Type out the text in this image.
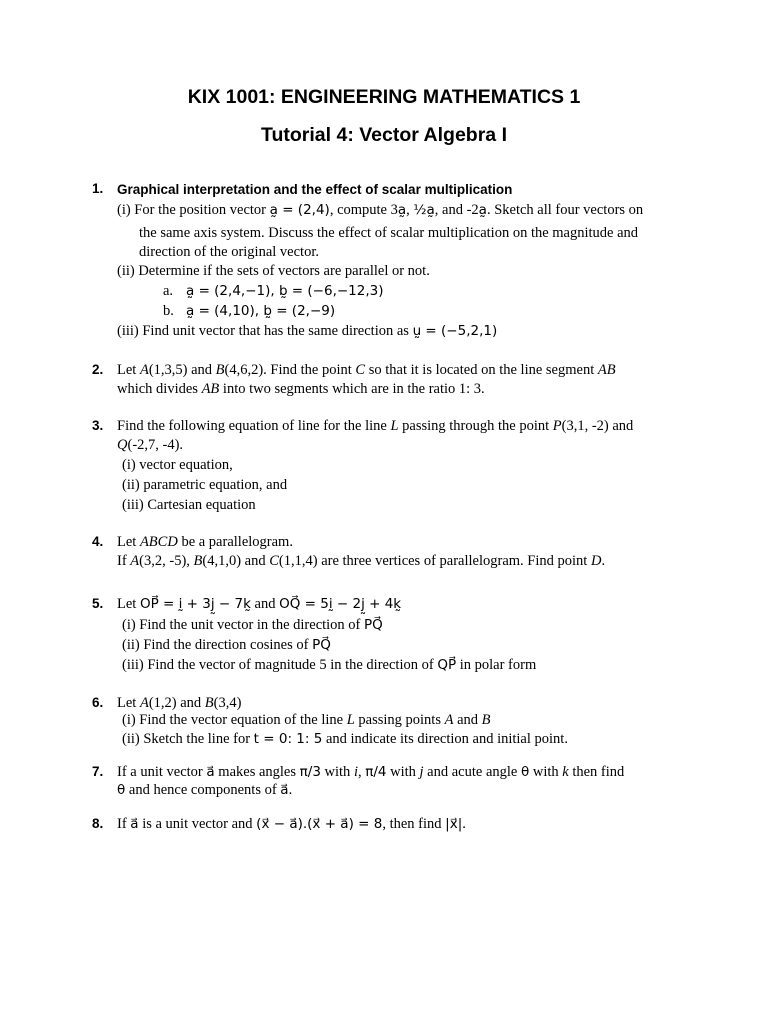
KIX 1001: ENGINEERING MATHEMATICS 1
Tutorial 4: Vector Algebra I
1. Graphical interpretation and the effect of scalar multiplication
(i) For the position vector a̰ = (2,4), compute 3a̰, ½a̰, and -2a̰. Sketch all four vectors on
the same axis system. Discuss the effect of scalar multiplication on the magnitude and
direction of the original vector.
(ii) Determine if the sets of vectors are parallel or not.
a. a̰ = (2,4,−1), b̰ = (−6,−12,3)
b. a̰ = (4,10), b̰ = (2,−9)
(iii) Find unit vector that has the same direction as ṵ = (−5,2,1)
2. Let A(1,3,5) and B(4,6,2). Find the point C so that it is located on the line segment AB
which divides AB into two segments which are in the ratio 1: 3.
3. Find the following equation of line for the line L passing through the point P(3,1, -2) and
Q(-2,7, -4).
(i) vector equation,
(ii) parametric equation, and
(iii) Cartesian equation
4. Let ABCD be a parallelogram.
If A(3,2, -5), B(4,1,0) and C(1,1,4) are three vertices of parallelogram. Find point D.
5. Let OP⃗ = ḭ + 3j̰ − 7k̰ and OQ⃗ = 5ḭ − 2j̰ + 4k̰
(i) Find the unit vector in the direction of PQ⃗
(ii) Find the direction cosines of PQ⃗
(iii) Find the vector of magnitude 5 in the direction of QP⃗ in polar form
6. Let A(1,2) and B(3,4)
(i) Find the vector equation of the line L passing points A and B
(ii) Sketch the line for t = 0: 1: 5 and indicate its direction and initial point.
7. If a unit vector a⃗ makes angles π/3 with i, π/4 with j and acute angle θ with k then find
θ and hence components of a⃗.
8. If a⃗ is a unit vector and (x⃗ − a⃗).(x⃗ + a⃗) = 8, then find |x⃗|.
